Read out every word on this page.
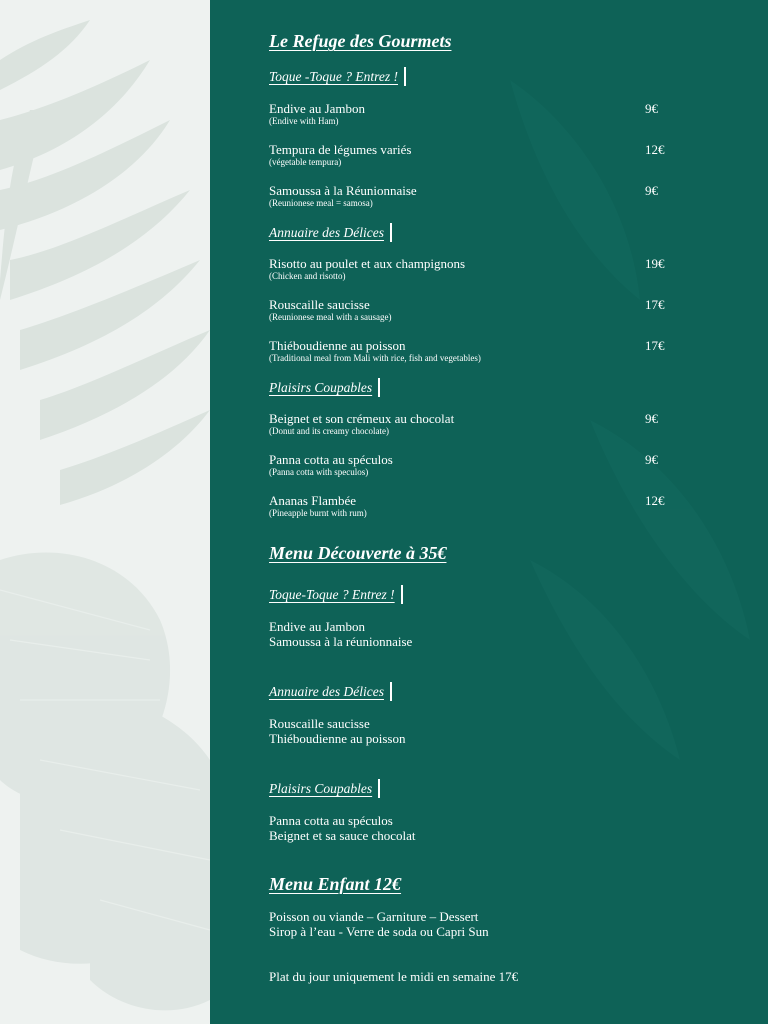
Le Refuge des Gourmets
Toque -Toque ? Entrez !
Endive au Jambon
(Endive with Ham)
9€
Tempura de légumes variés
(végetable tempura)
12€
Samoussa à la Réunionnaise
(Reunionese meal = samosa)
9€
Annuaire des Délices
Risotto au poulet et aux champignons
(Chicken and risotto)
19€
Rouscaille saucisse
(Reunionese meal with a sausage)
17€
Thiéboudienne au poisson
(Traditional meal from Mali with rice, fish and vegetables)
17€
Plaisirs Coupables
Beignet et son crémeux au chocolat
(Donut and its creamy chocolate)
9€
Panna cotta au spéculos
(Panna cotta with speculos)
9€
Ananas Flambée
(Pineapple burnt with rum)
12€
Menu Découverte à 35€
Toque-Toque ? Entrez !
Endive au Jambon
Samoussa à la réunionnaise
Annuaire des Délices
Rouscaille saucisse
Thiéboudienne au poisson
Plaisirs Coupables
Panna cotta au spéculos
Beignet et sa sauce chocolat
Menu Enfant 12€
Poisson ou viande – Garniture – Dessert
Sirop à l’eau - Verre de soda ou Capri Sun
Plat du jour uniquement le midi en semaine 17€
